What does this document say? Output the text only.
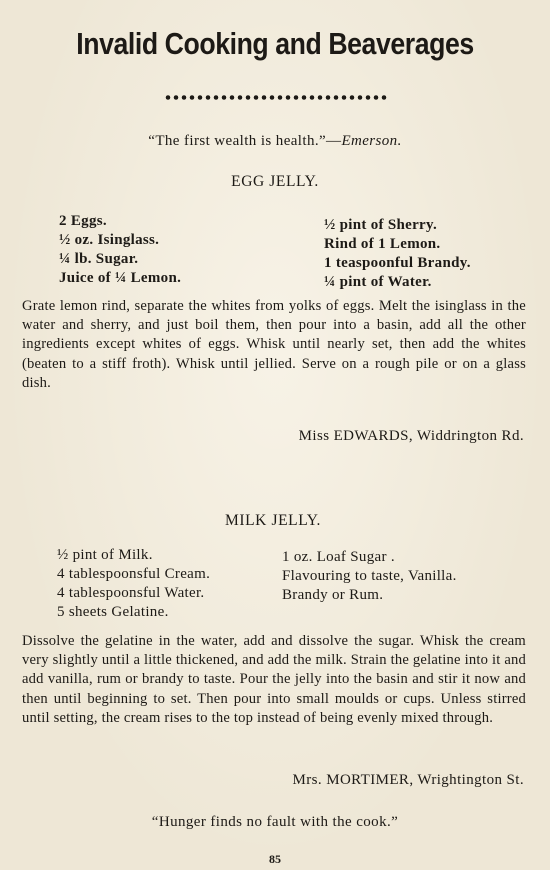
Invalid Cooking and Beaverages
“The first wealth is health.”—Emerson.
EGG JELLY.
2 Eggs.
½ oz. Isinglass.
¼ lb. Sugar.
Juice of ¼ Lemon.
½ pint of Sherry.
Rind of 1 Lemon.
1 teaspoonful Brandy.
¼ pint of Water.
Grate lemon rind, separate the whites from yolks of eggs. Melt the isinglass in the water and sherry, and just boil them, then pour into a basin, add all the other ingredients except whites of eggs. Whisk until nearly set, then add the whites (beaten to a stiff froth). Whisk until jellied. Serve on a rough pile or on a glass dish.
Miss EDWARDS, Widdrington Rd.
MILK JELLY.
½ pint of Milk.
4 tablespoonsful Cream.
4 tablespoonsful Water.
5 sheets Gelatine.
1 oz. Loaf Sugar .
Flavouring to taste, Vanilla.
Brandy or Rum.
Dissolve the gelatine in the water, add and dissolve the sugar. Whisk the cream very slightly until a little thickened, and add the milk. Strain the gelatine into it and add vanilla, rum or brandy to taste. Pour the jelly into the basin and stir it now and then until beginning to set. Then pour into small moulds or cups. Unless stirred until setting, the cream rises to the top instead of being evenly mixed through.
Mrs. MORTIMER, Wrightington St.
“Hunger finds no fault with the cook.”
85
